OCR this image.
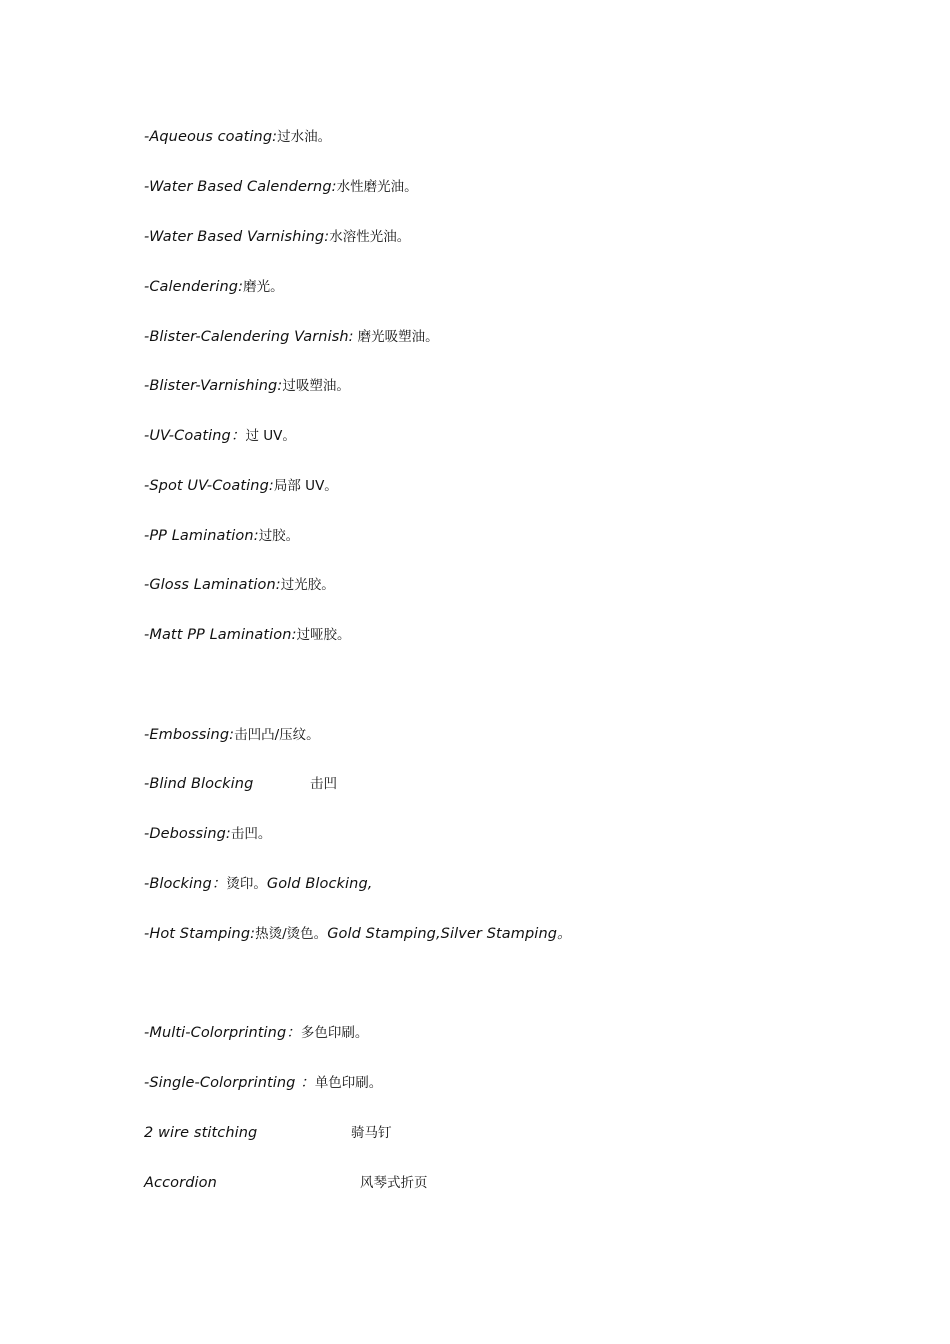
-Aqueous coating:过水油。
-Water Based Calenderng:水性磨光油。
-Water Based Varnishing:水溶性光油。
-Calendering:磨光。
-Blister-Calendering Varnish: 磨光吸塑油。
-Blister-Varnishing:过吸塑油。
-UV-Coating：过 UV。
-Spot UV-Coating:局部 UV。
-PP Lamination:过胶。
-Gloss Lamination:过光胶。
-Matt PP Lamination:过哑胶。
-Embossing:击凹凸/压纹。
-Blind Blocking	击凹
-Debossing:击凹。
-Blocking：烫印。Gold Blocking,
-Hot Stamping:热烫/烫色。Gold Stamping,Silver Stamping。
-Multi-Colorprinting：多色印刷。
-Single-Colorprinting ：单色印刷。
2 wire stitching	骑马钉
Accordion	风琴式折页
